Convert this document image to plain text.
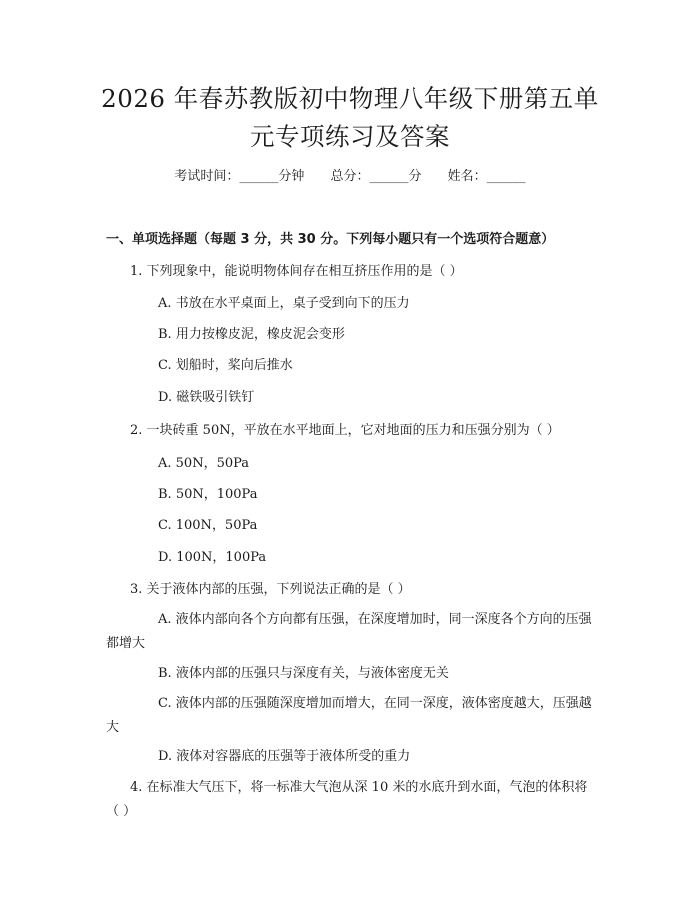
2026 年春苏教版初中物理八年级下册第五单
元专项练习及答案
考试时间：______分钟 总分：______分 姓名：______
一、单项选择题（每题 3 分，共 30 分。下列每小题只有一个选项符合题意）
1. 下列现象中，能说明物体间存在相互挤压作用的是（ ）
A. 书放在水平桌面上，桌子受到向下的压力
B. 用力按橡皮泥，橡皮泥会变形
C. 划船时，桨向后推水
D. 磁铁吸引铁钉
2. 一块砖重 50N，平放在水平地面上，它对地面的压力和压强分别为（ ）
A. 50N，50Pa
B. 50N，100Pa
C. 100N，50Pa
D. 100N，100Pa
3. 关于液体内部的压强，下列说法正确的是（ ）
A. 液体内部向各个方向都有压强，在深度增加时，同一深度各个方向的压强都增大
B. 液体内部的压强只与深度有关，与液体密度无关
C. 液体内部的压强随深度增加而增大，在同一深度，液体密度越大，压强越大
D. 液体对容器底的压强等于液体所受的重力
4. 在标准大气压下，将一标准大气泡从深 10 米的水底升到水面，气泡的体积将（ ）
